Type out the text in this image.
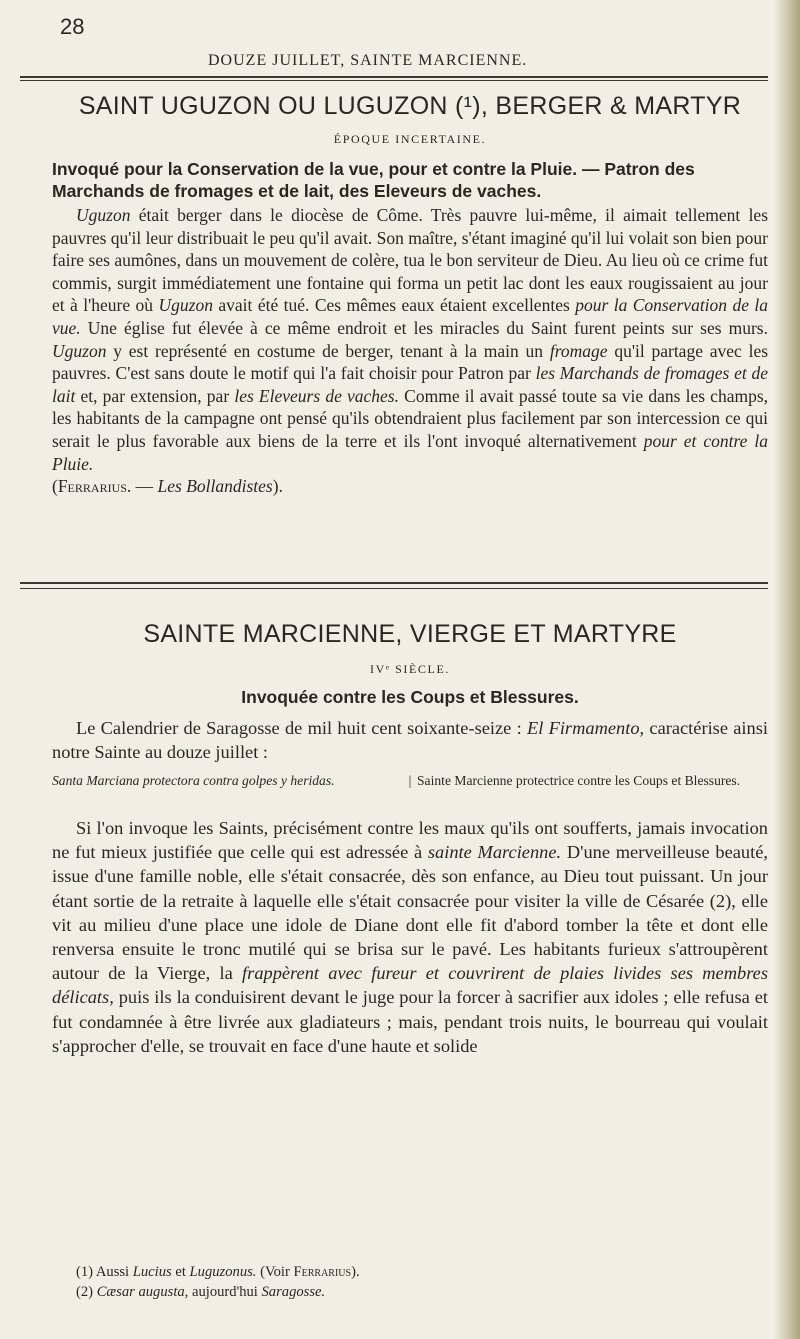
28
DOUZE JUILLET, SAINTE MARCIENNE.
SAINT UGUZON OU LUGUZON (¹), BERGER & MARTYR
ÉPOQUE INCERTAINE.
Invoqué pour la Conservation de la vue, pour et contre la Pluie. — Patron des Marchands de fromages et de lait, des Eleveurs de vaches.

Uguzon était berger dans le diocèse de Côme. Très pauvre lui-même, il aimait tellement les pauvres qu'il leur distribuait le peu qu'il avait. Son maître, s'étant imaginé qu'il lui volait son bien pour faire ses aumônes, dans un mouvement de colère, tua le bon serviteur de Dieu. Au lieu où ce crime fut commis, surgit immédiatement une fontaine qui forma un petit lac dont les eaux rougissaient au jour et à l'heure où Uguzon avait été tué. Ces mêmes eaux étaient excellentes pour la Conservation de la vue. Une église fut élevée à ce même endroit et les miracles du Saint furent peints sur ses murs. Uguzon y est représenté en costume de berger, tenant à la main un fromage qu'il partage avec les pauvres. C'est sans doute le motif qui l'a fait choisir pour Patron par les Marchands de fromages et de lait et, par extension, par les Eleveurs de vaches. Comme il avait passé toute sa vie dans les champs, les habitants de la campagne ont pensé qu'ils obtendraient plus facilement par son intercession ce qui serait le plus favorable aux biens de la terre et ils l'ont invoqué alternativement pour et contre la Pluie.
(Ferrarius. — Les Bollandistes).

SAINTE MARCIENNE, VIERGE ET MARTYRE
IVᵉ SIÈCLE.
Invoquée contre les Coups et Blessures.

Le Calendrier de Saragosse de mil huit cent soixante-seize : El Firmamento, caractérise ainsi notre Sainte au douze juillet :

Santa Marciana protectora contra golpes y heridas.	| Sainte Marcienne protectrice contre les Coups et Blessures.

Si l'on invoque les Saints, précisément contre les maux qu'ils ont soufferts, jamais invocation ne fut mieux justifiée que celle qui est adressée à sainte Marcienne. D'une merveilleuse beauté, issue d'une famille noble, elle s'était consacrée, dès son enfance, au Dieu tout puissant. Un jour étant sortie de la retraite à laquelle elle s'était consacrée pour visiter la ville de Césarée (2), elle vit au milieu d'une place une idole de Diane dont elle fit d'abord tomber la tête et dont elle renversa ensuite le tronc mutilé qui se brisa sur le pavé. Les habitants furieux s'attroupèrent autour de la Vierge, la frappèrent avec fureur et couvrirent de plaies livides ses membres délicats, puis ils la conduisirent devant le juge pour la forcer à sacrifier aux idoles ; elle refusa et fut condamnée à être livrée aux gladiateurs ; mais, pendant trois nuits, le bourreau qui voulait s'approcher d'elle, se trouvait en face d'une haute et solide

(1) Aussi Lucius et Luguzonus. (Voir Ferrarius).

(2) Cæsar augusta, aujourd'hui Saragosse.
